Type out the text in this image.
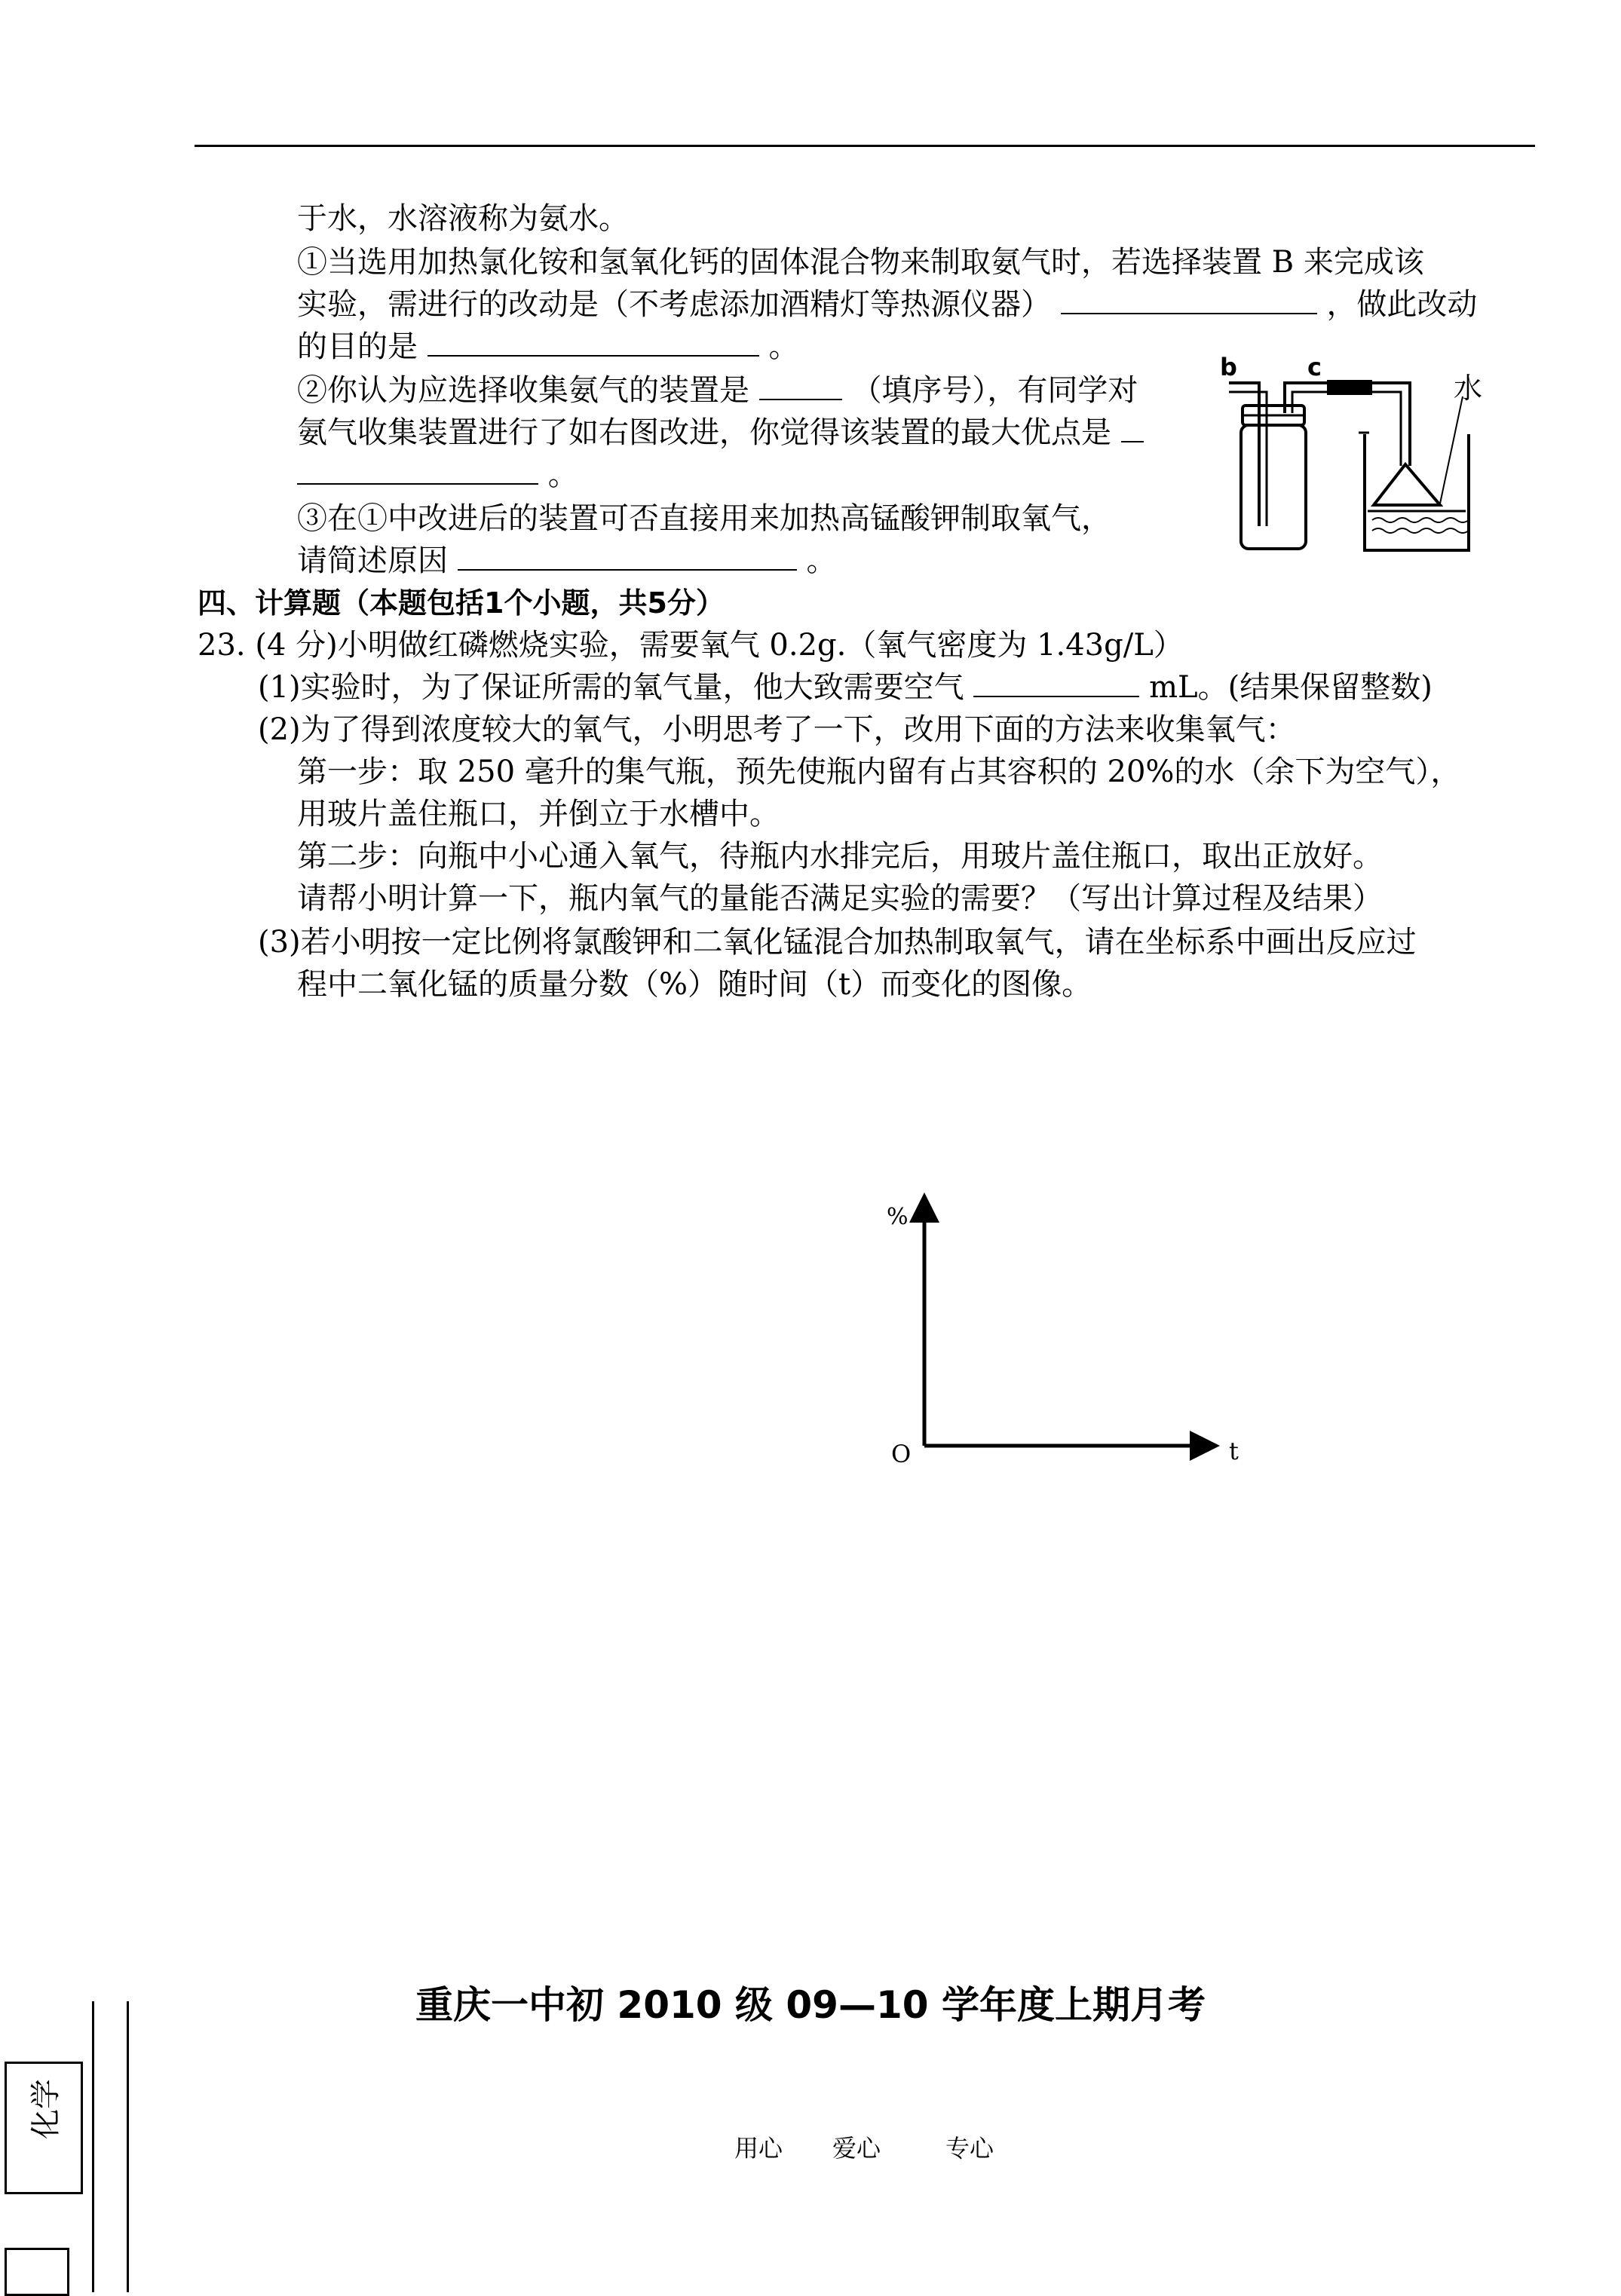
于水，水溶液称为氨水。
①当选用加热氯化铵和氢氧化钙的固体混合物来制取氨气时，若选择装置 B 来完成该
实验，需进行的改动是（不考虑添加酒精灯等热源仪器）	，做此改动
的目的是	。
②你认为应选择收集氨气的装置是	（填序号），有同学对
氨气收集装置进行了如右图改进，你觉得该装置的最大优点是
。
③在①中改进后的装置可否直接用来加热高锰酸钾制取氧气，
请简述原因	。
b	c
水
四、计算题（本题包括1个小题，共5分）
23. (4 分)小明做红磷燃烧实验，需要氧气 0.2g.（氧气密度为 1.43g/L）
(1)实验时，为了保证所需的氧气量，他大致需要空气	mL。(结果保留整数)
(2)为了得到浓度较大的氧气，小明思考了一下，改用下面的方法来收集氧气：
第一步：取 250 毫升的集气瓶，预先使瓶内留有占其容积的 20%的水（余下为空气），
用玻片盖住瓶口，并倒立于水槽中。
第二步：向瓶中小心通入氧气，待瓶内水排完后，用玻片盖住瓶口，取出正放好。
请帮小明计算一下，瓶内氧气的量能否满足实验的需要？（写出计算过程及结果）
(3)若小明按一定比例将氯酸钾和二氧化锰混合加热制取氧气，请在坐标系中画出反应过
程中二氧化锰的质量分数（%）随时间（t）而变化的图像。
%
t
O
重庆一中初 2010 级 09—10 学年度上期月考
用心 爱心	专心
化学
